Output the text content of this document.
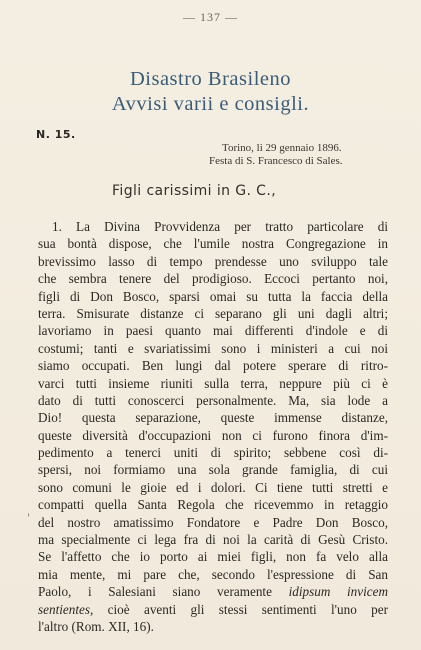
— 137 —
Disastro Brasileno
Avvisi varii e consigli.
N. 15.
Torino, li 29 gennaio 1896.
Festa di S. Francesco di Sales.
Figli carissimi in G. C.,
'
1. La Divina Provvidenza per tratto particolare di
sua bontà dispose, che l'umile nostra Congregazione in
brevissimo lasso di tempo prendesse uno sviluppo tale
che sembra tenere del prodigioso. Eccoci pertanto noi,
figli di Don Bosco, sparsi omai su tutta la faccia della
terra. Smisurate distanze ci separano gli uni dagli altri;
lavoriamo in paesi quanto mai differenti d'indole e di
costumi; tanti e svariatissimi sono i ministeri a cui noi
siamo occupati. Ben lungi dal potere sperare di ritro-
varci tutti insieme riuniti sulla terra, neppure più ci è
dato di tutti conoscerci personalmente. Ma, sia lode a
Dio! questa separazione, queste immense distanze,
queste diversità d'occupazioni non ci furono finora d'im-
pedimento a tenerci uniti di spirito; sebbene così di-
spersi, noi formiamo una sola grande famiglia, di cui
sono comuni le gioie ed i dolori. Ci tiene tutti stretti e
compatti quella Santa Regola che ricevemmo in retaggio
del nostro amatissimo Fondatore e Padre Don Bosco,
ma specialmente ci lega fra di noi la carità di Gesù Cristo.
Se l'affetto che io porto ai miei figli, non fa velo alla
mia mente, mi pare che, secondo l'espressione di San
Paolo, i Salesiani siano veramente idipsum invicem
sentientes, cioè aventi gli stessi sentimenti l'uno per
l'altro (Rom. XII, 16).
